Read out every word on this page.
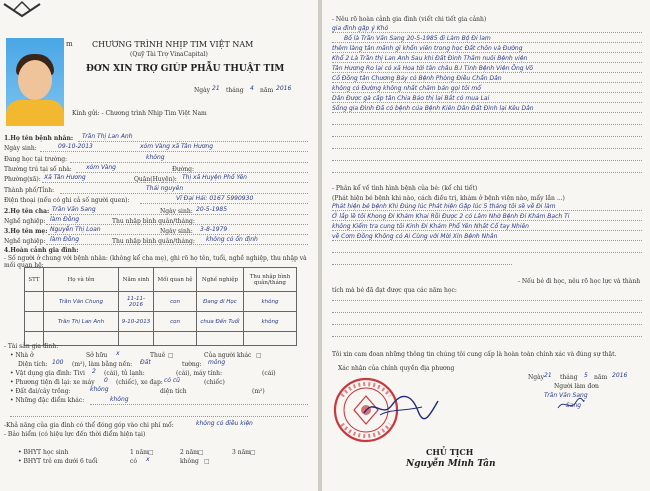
m CHƯƠNG TRÌNH NHỊP TIM VIỆT NAM
(Quỹ Tài Trợ VinaCapital)
ĐƠN XIN TRỢ GIÚP PHẪU THUẬT TIM
Ngày 21 tháng 4 năm 2016
Kính gửi: - Chương trình Nhịp Tim Việt Nam
1.Họ tên bệnh nhân: Trần Thị Lan Anh
Ngày sinh:	09-10-2013	xóm Vàng xã Tân Hương
Đang học tại trường:	không
Thường trú tại số nhà: xóm Vàng	Đường:
Phường(xã): Xã Tân Hương	Quận(Huyện): Thị xã Huyện Phổ Yên
Thành phố/Tỉnh:	Thái nguyên
Điện thoại (nếu có ghi cả số người quen):	Vĩ Đại Hải: 0167 5990930
2.Họ tên cha: Trần Văn Sang	Ngày sinh: 20-5-1985
Nghề nghiệp: làm Đồng	Thu nhập bình quân/tháng:
3.Họ tên mẹ: Nguyễn Thị Loan	Ngày sinh: 3-8-1979
Nghề nghiệp: làm Đồng	Thu nhập bình quân/tháng: không có ổn định
4.Hoàn cảnh gia đình:
- Số người ở chung với bệnh nhân: (không kể cha mẹ), ghi rõ họ tên, tuổi, nghề nghiệp, thu nhập và mối quan hệ:
STT	Họ và tên	Năm sinh	Mối quan hệ	Nghề nghiệp	Thu nhập bình quân/tháng
	Trần Văn Chung	11-11-2016	con	Đang đi Học	không
	Trần Thị Lan Anh	9-10-2013	con	chưa Đến Tuổi	không

- Tài sản gia đình:
• Nhà ở	Sở hữu x	Thuê □	Của người khác □
Diện tích: 100 (m²), làm bằng nền: Đất	tường: mông
• Vật dụng gia đình: Tivi 2 (cái), tủ lạnh:	(cái), máy tính:	(cái)
• Phương tiện đi lại: xe máy 0 (chiếc), xe đạp: có cũ	(chiếc)
• Đất đai/cây trồng:	không	diện tích	(m²)
• Những đặc điểm khác:	không
-Khả năng của gia đình có thể đóng góp vào chi phí mổ:	không có điều kiện
- Bảo hiểm (có hiệu lực đến thời điểm hiện tại)
• BHYT học sinh	1 năm □	2 năm □	3 năm □
• BHYT trẻ em dưới 6 tuổi	có x	không □
- Nêu rõ hoàn cảnh gia đình (viết chi tiết gia cảnh)
gia đình gặp ý Khó
Bố là Trần Văn Sang 20-5-1985 đi Làm Bộ Đi lam
thêm làng tân mãnh gì khổn viên trong học Đất chôn và Đường
Khổ 2 Là Trần thị Lan Anh Sau khi Đất Đình Thăm nuôi Bệnh viện
Tân Hương Ro lại có xã Hoa tới tân châu B.I Tỉnh Bệnh Viện Ông Võ
Cố Đồng tân Chương Bảy có Bệnh Phòng Điều Chẩn Dân
không có Đường không nhất chăm bán gọi tôi mổ
Dân Được gà cấp tân Chia Bảo thị lại Bắt có mua Lai
Sống gia Đình Đã có bệnh của Bệnh Kiên Dân Đất Đình lại Kêu Dân
- Phân kể về tình hình bệnh của bé: (kể chi tiết)
(Phát hiện bé bệnh khi nào, cách điều trị, khám ở bệnh viện nào, mấy lần ...)
Phát hiện bé bệnh Khi Đúng lúc Phát hiện Gặp lúc 5 tháng tôi sẽ về Đi làm
Ở lắp lẽ tôi Khong Đi Khám Khai Rồi Được 2 có Lâm Nhờ Bệnh Đi Khám Bạch Ti
không Kiểm tra cung tôi Kinh Đi Khám Phổ Yên Nhất Cố tay Nhiên
về Cơm Đồng Không có Ai Cùng với Mời Xin Bệnh Nhân
- Nếu bé đi học, nêu rõ học lực và thành tích mà bé đã đạt được qua các năm học:
Tôi xin cam đoan những thông tin chúng tôi cung cấp là hoàn toàn chính xác và đúng sự thật.
Xác nhận của chính quyền địa phương
Ngày 21 tháng 5 năm 2016
Người làm đơn
Trần Văn Sang
Sang
CHỦ TỊCH
Nguyễn Minh Tân
